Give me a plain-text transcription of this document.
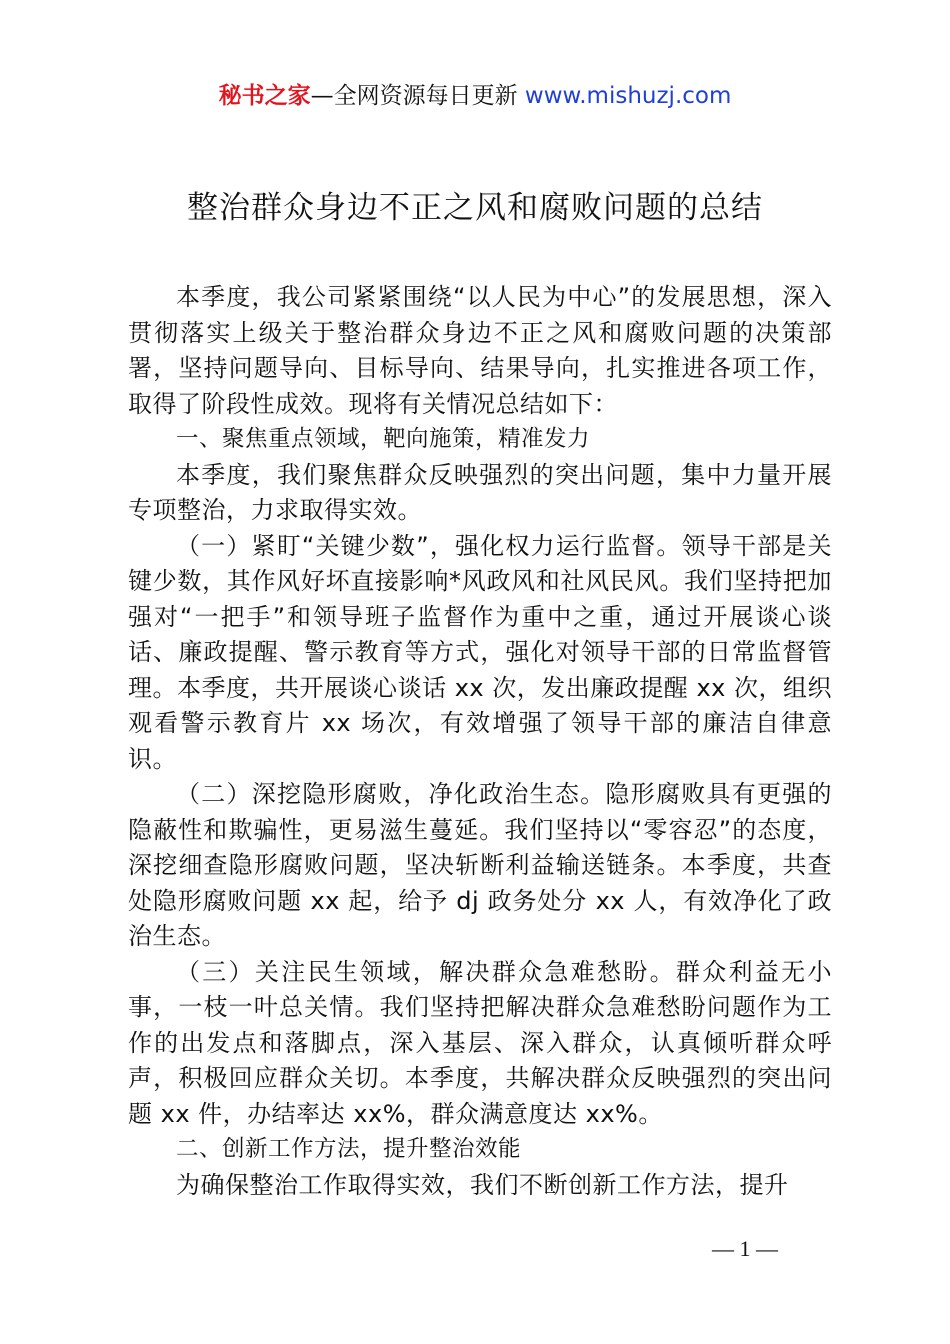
秘书之家—全网资源每日更新 www.mishuzj.com
整治群众身边不正之风和腐败问题的总结

本季度，我公司紧紧围绕“以人民为中心”的发展思想，深入贯彻落实上级关于整治群众身边不正之风和腐败问题的决策部署，坚持问题导向、目标导向、结果导向，扎实推进各项工作，取得了阶段性成效。现将有关情况总结如下：

一、聚焦重点领域，靶向施策，精准发力

本季度，我们聚焦群众反映强烈的突出问题，集中力量开展专项整治，力求取得实效。

（一）紧盯“关键少数”，强化权力运行监督。领导干部是关键少数，其作风好坏直接影响*风政风和社风民风。我们坚持把加强对“一把手”和领导班子监督作为重中之重，通过开展谈心谈话、廉政提醒、警示教育等方式，强化对领导干部的日常监督管理。本季度，共开展谈心谈话 xx 次，发出廉政提醒 xx 次，组织观看警示教育片 xx 场次，有效增强了领导干部的廉洁自律意识。

（二）深挖隐形腐败，净化政治生态。隐形腐败具有更强的隐蔽性和欺骗性，更易滋生蔓延。我们坚持以“零容忍”的态度，深挖细查隐形腐败问题，坚决斩断利益输送链条。本季度，共查处隐形腐败问题 xx 起，给予 dj 政务处分 xx 人，有效净化了政治生态。

（三）关注民生领域，解决群众急难愁盼。群众利益无小事，一枝一叶总关情。我们坚持把解决群众急难愁盼问题作为工作的出发点和落脚点，深入基层、深入群众，认真倾听群众呼声，积极回应群众关切。本季度，共解决群众反映强烈的突出问题 xx 件，办结率达 xx%，群众满意度达 xx%。

二、创新工作方法，提升整治效能

为确保整治工作取得实效，我们不断创新工作方法，提升

— 1 —
